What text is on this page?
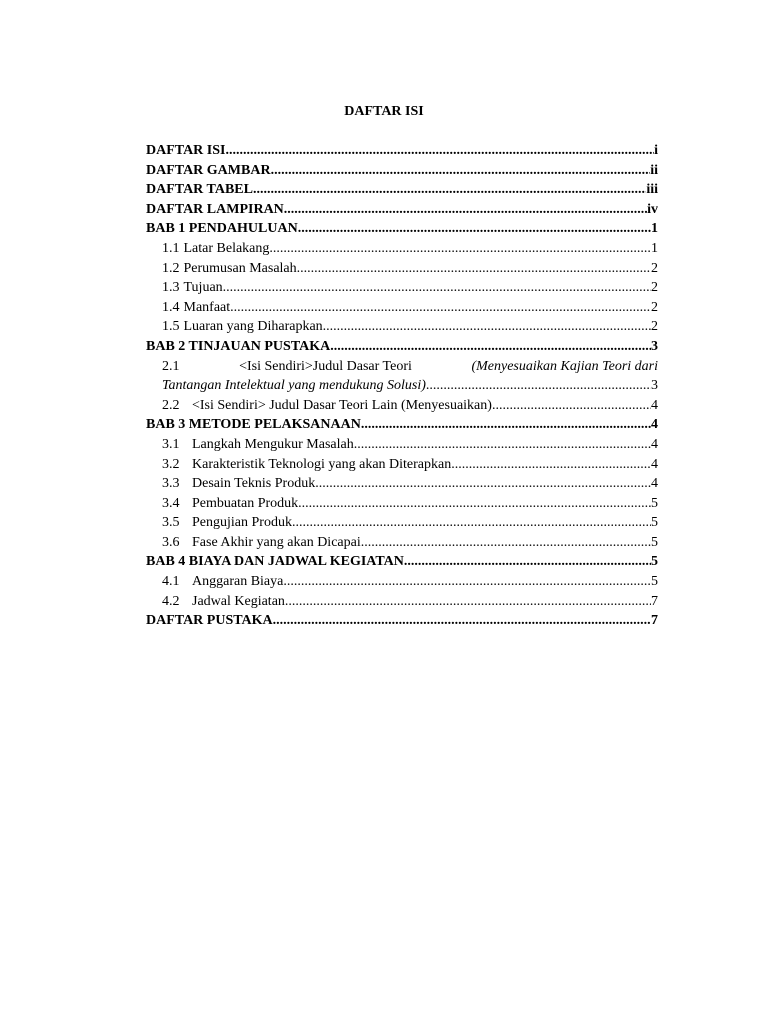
DAFTAR ISI
DAFTAR ISI .....	i
DAFTAR GAMBAR .....	ii
DAFTAR TABEL .....	iii
DAFTAR LAMPIRAN .....	iv
BAB 1 PENDAHULUAN .....	1
1.1 Latar Belakang .....	1
1.2 Perumusan Masalah .....	2
1.3 Tujuan .....	2
1.4 Manfaat .....	2
1.5 Luaran yang Diharapkan .....	2
BAB 2 TINJAUAN PUSTAKA .....	3
2.1	<Isi Sendiri>Judul Dasar Teori	(Menyesuaikan Kajian Teori dari
Tantangan Intelektual yang mendukung Solusi) .....	3
2.2 <Isi Sendiri> Judul Dasar Teori Lain (Menyesuaikan) .....	4
BAB 3 METODE PELAKSANAAN .....	4
3.1 Langkah Mengukur Masalah .....	4
3.2 Karakteristik Teknologi yang akan Diterapkan .....	4
3.3 Desain Teknis Produk .....	4
3.4 Pembuatan Produk .....	5
3.5 Pengujian Produk .....	5
3.6 Fase Akhir yang akan Dicapai .....	5
BAB 4 BIAYA DAN JADWAL KEGIATAN .....	5
4.1 Anggaran Biaya .....	5
4.2 Jadwal Kegiatan .....	7
DAFTAR PUSTAKA .....	7
